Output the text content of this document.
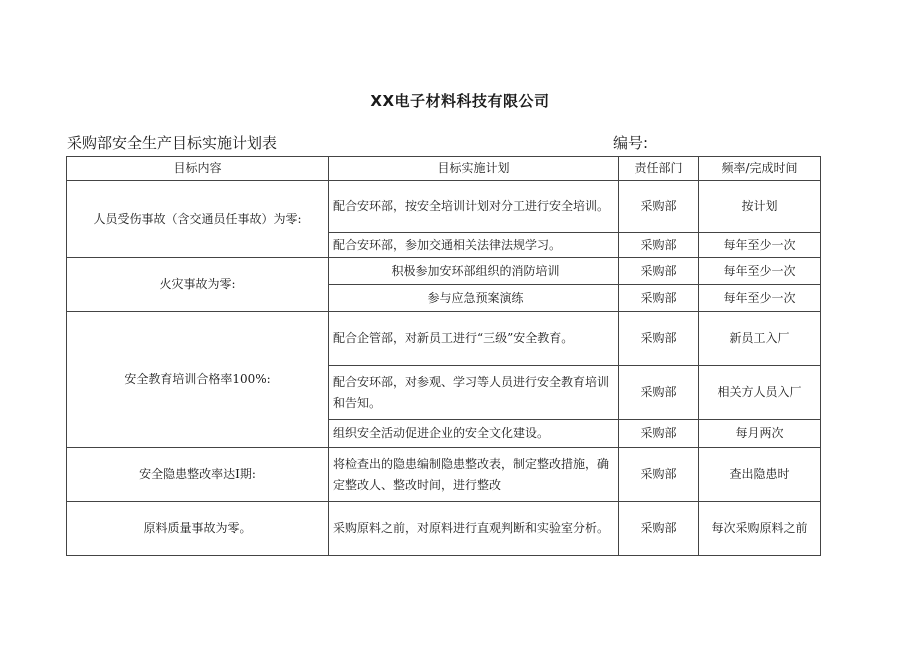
XX电子材料科技有限公司
采购部安全生产目标实施计划表	编号:
目标内容	目标实施计划	责任部门	频率/完成时间
人员受伤事故（含交通员任事故）为零:	配合安环部，按安全培训计划对分工进行安全培训。	采购部	按计划
	配合安环部，参加交通相关法律法规学习。	采购部	每年至少一次
火灾事故为零:	积极参加安环部组织的消防培训	采购部	每年至少一次
	参与应急预案演练	采购部	每年至少一次
安全教育培训合格率100%:	配合企管部，对新员工进行“三级”安全教育。	采购部	新员工入厂
	配合安环部，对参观、学习等人员进行安全教育培训和告知。	采购部	相关方人员入厂
	组织安全活动促进企业的安全文化建设。	采购部	每月两次
安全隐患整改率达I期:	将检查出的隐患编制隐患整改表，制定整改措施，确定整改人、整改时间，进行整改	采购部	查出隐患时
原料质量事故为零。	采购原料之前，对原料进行直观判断和实验室分析。	采购部	每次采购原料之前
